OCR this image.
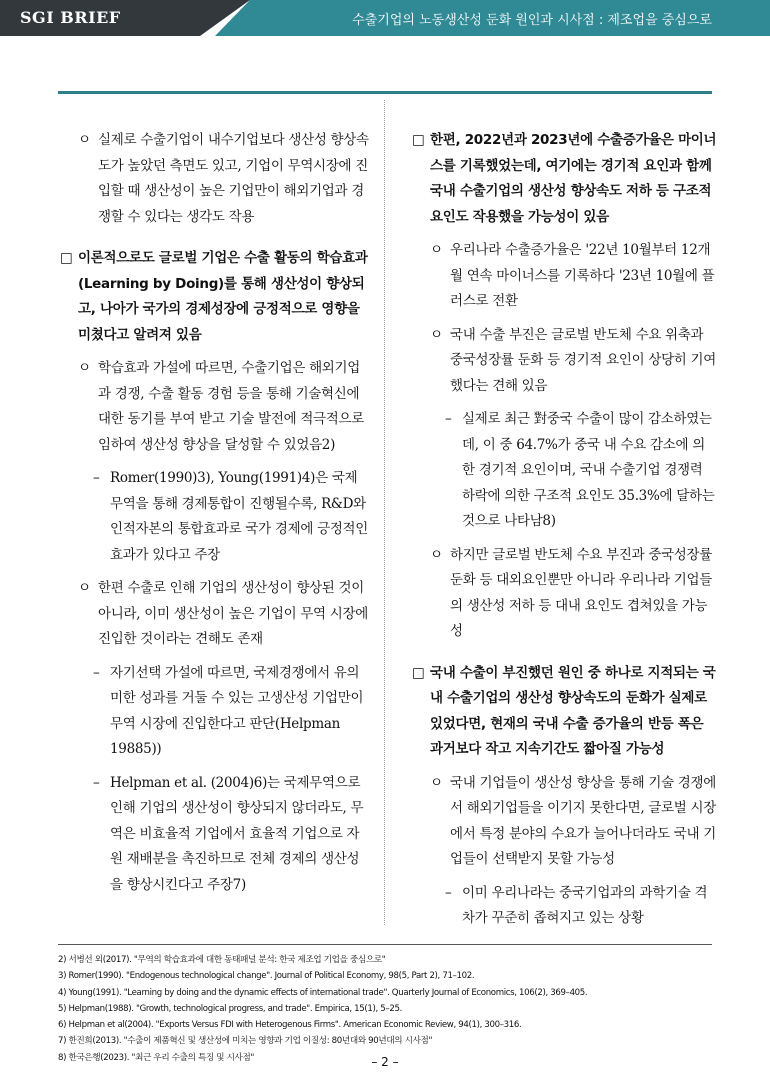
SGI BRIEF	수출기업의 노동생산성 둔화 원인과 시사점 : 제조업을 중심으로
ㅇ 실제로 수출기업이 내수기업보다 생산성 향상속도가 높았던 측면도 있고, 기업이 무역시장에 진입할 때 생산성이 높은 기업만이 해외기업과 경쟁할 수 있다는 생각도 작용
□ 이론적으로도 글로벌 기업은 수출 활동의 학습효과(Learning by Doing)를 통해 생산성이 향상되고, 나아가 국가의 경제성장에 긍정적으로 영향을 미쳤다고 알려져 있음
ㅇ 학습효과 가설에 따르면, 수출기업은 해외기업과 경쟁, 수출 활동 경험 등을 통해 기술혁신에 대한 동기를 부여 받고 기술 발전에 적극적으로 임하여 생산성 향상을 달성할 수 있었음2)
– Romer(1990)3), Young(1991)4)은 국제무역을 통해 경제통합이 진행될수록, R&D와 인적자본의 통합효과로 국가 경제에 긍정적인 효과가 있다고 주장
ㅇ 한편 수출로 인해 기업의 생산성이 향상된 것이 아니라, 이미 생산성이 높은 기업이 무역 시장에 진입한 것이라는 견해도 존재
– 자기선택 가설에 따르면, 국제경쟁에서 유의미한 성과를 거둘 수 있는 고생산성 기업만이 무역 시장에 진입한다고 판단(Helpman 19885))
– Helpman et al. (2004)6)는 국제무역으로 인해 기업의 생산성이 향상되지 않더라도, 무역은 비효율적 기업에서 효율적 기업으로 자원 재배분을 촉진하므로 전체 경제의 생산성을 향상시킨다고 주장7)
□ 한편, 2022년과 2023년에 수출증가율은 마이너스를 기록했었는데, 여기에는 경기적 요인과 함께 국내 수출기업의 생산성 향상속도 저하 등 구조적 요인도 작용했을 가능성이 있음
ㅇ 우리나라 수출증가율은 '22년 10월부터 12개월 연속 마이너스를 기록하다 '23년 10월에 플러스로 전환
ㅇ 국내 수출 부진은 글로벌 반도체 수요 위축과 중국성장률 둔화 등 경기적 요인이 상당히 기여했다는 견해 있음
– 실제로 최근 對중국 수출이 많이 감소하였는데, 이 중 64.7%가 중국 내 수요 감소에 의한 경기적 요인이며, 국내 수출기업 경쟁력 하락에 의한 구조적 요인도 35.3%에 달하는 것으로 나타남8)
ㅇ 하지만 글로벌 반도체 수요 부진과 중국성장률 둔화 등 대외요인뿐만 아니라 우리나라 기업들의 생산성 저하 등 대내 요인도 겹쳐있을 가능성
□ 국내 수출이 부진했던 원인 중 하나로 지적되는 국내 수출기업의 생산성 향상속도의 둔화가 실제로 있었다면, 현재의 국내 수출 증가율의 반등 폭은 과거보다 작고 지속기간도 짧아질 가능성
ㅇ 국내 기업들이 생산성 향상을 통해 기술 경쟁에서 해외기업들을 이기지 못한다면, 글로벌 시장에서 특정 분야의 수요가 늘어나더라도 국내 기업들이 선택받지 못할 가능성
– 이미 우리나라는 중국기업과의 과학기술 격차가 꾸준히 좁혀지고 있는 상황
2) 서병선 외(2017). "무역의 학습효과에 대한 동태패널 분석: 한국 제조업 기업을 중심으로"
3) Romer(1990). "Endogenous technological change". Journal of Political Economy, 98(5, Part 2), 71–102.
4) Young(1991). "Learning by doing and the dynamic effects of international trade". Quarterly Journal of Economics, 106(2), 369–405.
5) Helpman(1988). "Growth, technological progress, and trade". Empirica, 15(1), 5–25.
6) Helpman et al(2004). "Exports Versus FDI with Heterogenous Firms". American Economic Review, 94(1), 300–316.
7) 한진희(2013). "수출이 제품혁신 및 생산성에 미치는 영향과 기업 이질성: 80년대와 90년대의 시사점"
8) 한국은행(2023). "최근 우리 수출의 특징 및 시사점"	– 2 –
